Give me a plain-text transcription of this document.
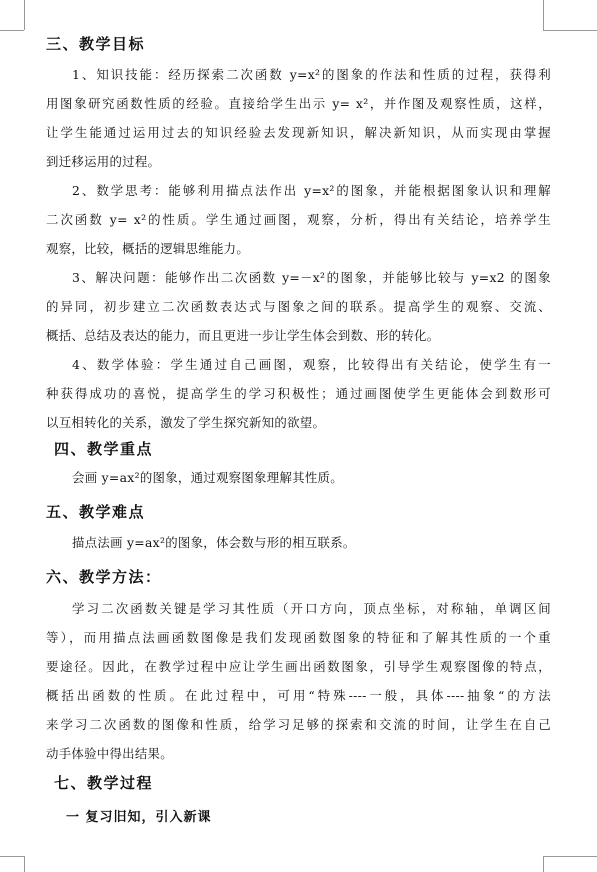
三、教学目标
1、知识技能：经历探索二次函数 y=x²的图象的作法和性质的过程，获得利
用图象研究函数性质的经验。直接给学生出示 y= x²，并作图及观察性质，这样，
让学生能通过运用过去的知识经验去发现新知识，解决新知识，从而实现由掌握
到迁移运用的过程。
2、数学思考：能够利用描点法作出 y=x²的图象，并能根据图象认识和理解
二次函数 y= x²的性质。学生通过画图，观察，分析，得出有关结论，培养学生
观察，比较，概括的逻辑思维能力。
3、解决问题：能够作出二次函数 y=－x²的图象，并能够比较与 y=x2 的图象
的异同，初步建立二次函数表达式与图象之间的联系。提高学生的观察、交流、
概括、总结及表达的能力，而且更进一步让学生体会到数、形的转化。
4、数学体验：学生通过自己画图，观察，比较得出有关结论，使学生有一
种获得成功的喜悦，提高学生的学习积极性；通过画图使学生更能体会到数形可
以互相转化的关系，激发了学生探究新知的欲望。
四、教学重点
会画 y=ax²的图象，通过观察图象理解其性质。
五、教学难点
描点法画 y=ax²的图象，体会数与形的相互联系。
六、教学方法：
学习二次函数关键是学习其性质（开口方向，顶点坐标，对称轴，单调区间
等），而用描点法画函数图像是我们发现函数图象的特征和了解其性质的一个重
要途径。因此，在教学过程中应让学生画出函数图象，引导学生观察图像的特点，
概括出函数的性质。在此过程中，可用“特殊----一般，具体----抽象“的方法
来学习二次函数的图像和性质，给学习足够的探索和交流的时间，让学生在自己
动手体验中得出结果。
七、教学过程
一 复习旧知，引入新课
